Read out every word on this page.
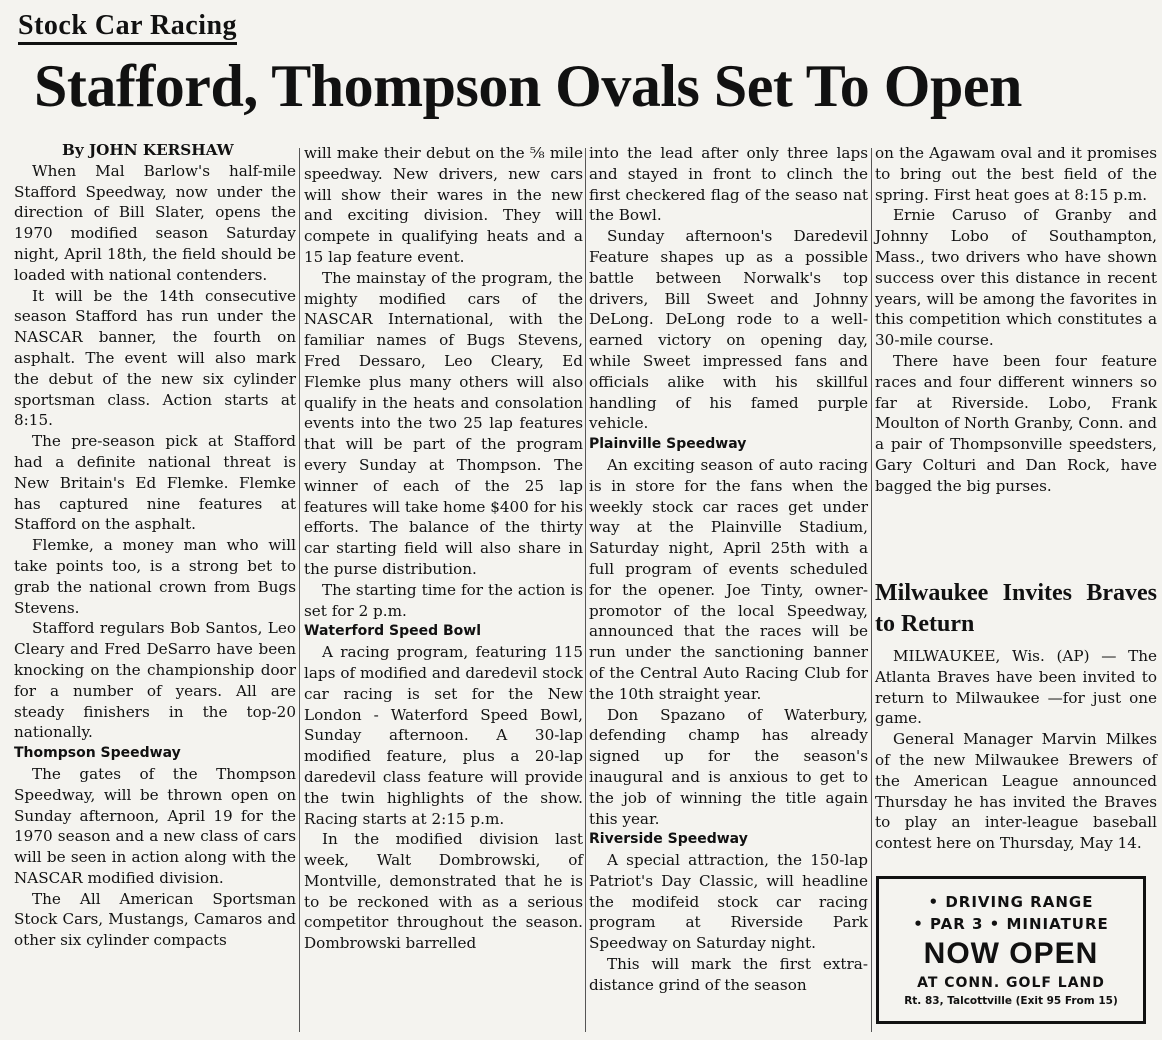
Stock Car Racing
Stafford, Thompson Ovals Set To Open

By JOHN KERSHAW

When Mal Barlow's half-mile Stafford Speedway, now under the direction of Bill Slater, opens the 1970 modified season Saturday night, April 18th, the field should be loaded with national contenders.

It will be the 14th consecutive season Stafford has run under the NASCAR banner, the fourth on asphalt. The event will also mark the debut of the new six cylinder sportsman class. Action starts at 8:15.

The pre-season pick at Stafford had a definite national threat is New Britain's Ed Flemke. Flemke has captured nine features at Stafford on the asphalt.

Flemke, a money man who will take points too, is a strong bet to grab the national crown from Bugs Stevens.

Stafford regulars Bob Santos, Leo Cleary and Fred DeSarro have been knocking on the championship door for a number of years. All are steady finishers in the top-20 nationally.

Thompson Speedway

The gates of the Thompson Speedway, will be thrown open on Sunday afternoon, April 19 for the 1970 season and a new class of cars will be seen in action along with the NASCAR modified division.

The All American Sportsman Stock Cars, Mustangs, Camaros and other six cylinder compacts

will make their debut on the ⅝ mile speedway. New drivers, new cars will show their wares in the new and exciting division. They will compete in qualifying heats and a 15 lap feature event.

The mainstay of the program, the mighty modified cars of the NASCAR International, with the familiar names of Bugs Stevens, Fred Dessaro, Leo Cleary, Ed Flemke plus many others will also qualify in the heats and consolation events into the two 25 lap features that will be part of the program every Sunday at Thompson. The winner of each of the 25 lap features will take home $400 for his efforts. The balance of the thirty car starting field will also share in the purse distribution.

The starting time for the action is set for 2 p.m.

Waterford Speed Bowl

A racing program, featuring 115 laps of modified and daredevil stock car racing is set for the New London - Waterford Speed Bowl, Sunday afternoon. A 30-lap modified feature, plus a 20-lap daredevil class feature will provide the twin highlights of the show. Racing starts at 2:15 p.m.

In the modified division last week, Walt Dombrowski, of Montville, demonstrated that he is to be reckoned with as a serious competitor throughout the season. Dombrowski barrelled

into the lead after only three laps and stayed in front to clinch the first checkered flag of the seaso nat the Bowl.

Sunday afternoon's Daredevil Feature shapes up as a possible battle between Norwalk's top drivers, Bill Sweet and Johnny DeLong. DeLong rode to a well-earned victory on opening day, while Sweet impressed fans and officials alike with his skillful handling of his famed purple vehicle.

Plainville Speedway

An exciting season of auto racing is in store for the fans when the weekly stock car races get under way at the Plainville Stadium, Saturday night, April 25th with a full program of events scheduled for the opener. Joe Tinty, owner-promotor of the local Speedway, announced that the races will be run under the sanctioning banner of the Central Auto Racing Club for the 10th straight year.

Don Spazano of Waterbury, defending champ has already signed up for the season's inaugural and is anxious to get to the job of winning the title again this year.

Riverside Speedway

A special attraction, the 150-lap Patriot's Day Classic, will headline the modifeid stock car racing program at Riverside Park Speedway on Saturday night.

This will mark the first extra-distance grind of the season

on the Agawam oval and it promises to bring out the best field of the spring. First heat goes at 8:15 p.m.

Ernie Caruso of Granby and Johnny Lobo of Southampton, Mass., two drivers who have shown success over this distance in recent years, will be among the favorites in this competition which constitutes a 30-mile course.

There have been four feature races and four different winners so far at Riverside. Lobo, Frank Moulton of North Granby, Conn. and a pair of Thompsonville speedsters, Gary Colturi and Dan Rock, have bagged the big purses.

Milwaukee Invites Braves to Return

MILWAUKEE, Wis. (AP) — The Atlanta Braves have been invited to return to Milwaukee —for just one game.

General Manager Marvin Milkes of the new Milwaukee Brewers of the American League announced Thursday he has invited the Braves to play an inter-league baseball contest here on Thursday, May 14.

• DRIVING RANGE
• PAR 3 • MINIATURE
NOW OPEN
AT CONN. GOLF LAND
Rt. 83, Talcottville (Exit 95 From 15)
